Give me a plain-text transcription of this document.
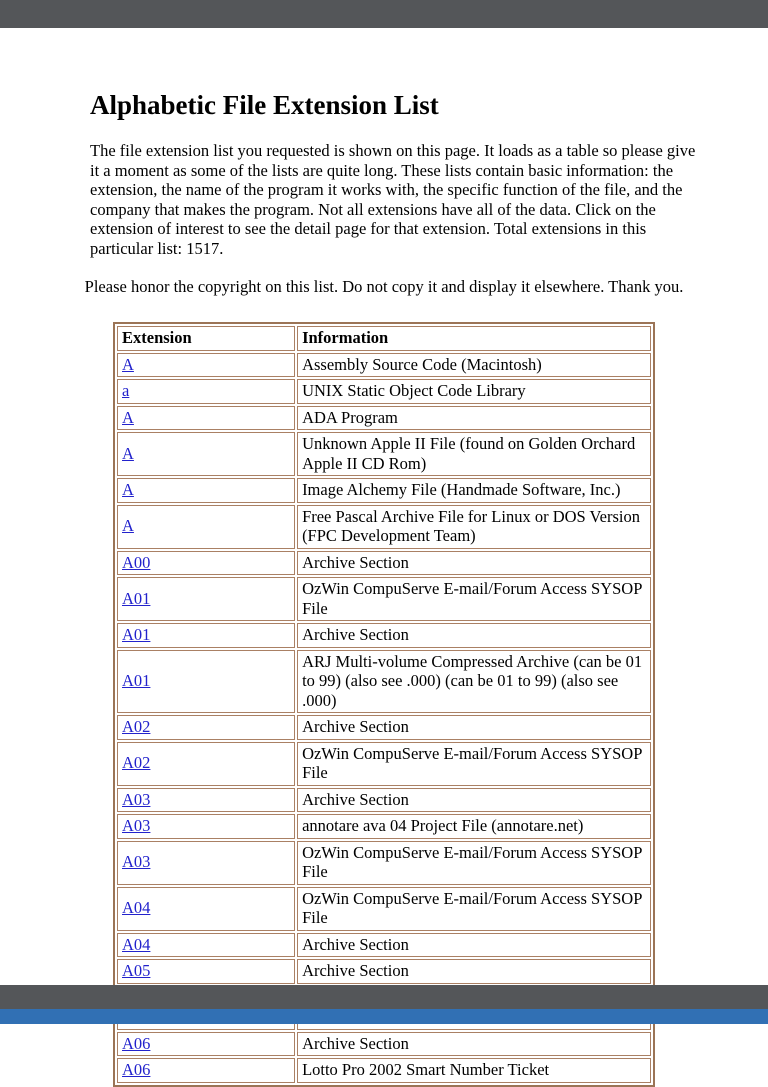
Alphabetic File Extension List

The file extension list you requested is shown on this page. It loads as a table so please give it a moment as some of the lists are quite long. These lists contain basic information: the extension, the name of the program it works with, the specific function of the file, and the company that makes the program. Not all extensions have all of the data. Click on the extension of interest to see the detail page for that extension. Total extensions in this particular list: 1517.

Please honor the copyright on this list. Do not copy it and display it elsewhere. Thank you.

Extension	Information
A	Assembly Source Code (Macintosh)
a	UNIX Static Object Code Library
A	ADA Program
A	Unknown Apple II File (found on Golden Orchard Apple II CD Rom)
A	Image Alchemy File (Handmade Software, Inc.)
A	Free Pascal Archive File for Linux or DOS Version (FPC Development Team)
A00	Archive Section
A01	OzWin CompuServe E-mail/Forum Access SYSOP File
A01	Archive Section
A01	ARJ Multi-volume Compressed Archive (can be 01 to 99) (also see .000) (can be 01 to 99) (also see .000)
A02	Archive Section
A02	OzWin CompuServe E-mail/Forum Access SYSOP File
A03	Archive Section
A03	annotare ava 04 Project File (annotare.net)
A03	OzWin CompuServe E-mail/Forum Access SYSOP File
A04	OzWin CompuServe E-mail/Forum Access SYSOP File
A04	Archive Section
A05	Archive Section

A06	Archive Section
A06	Lotto Pro 2002 Smart Number Ticket
